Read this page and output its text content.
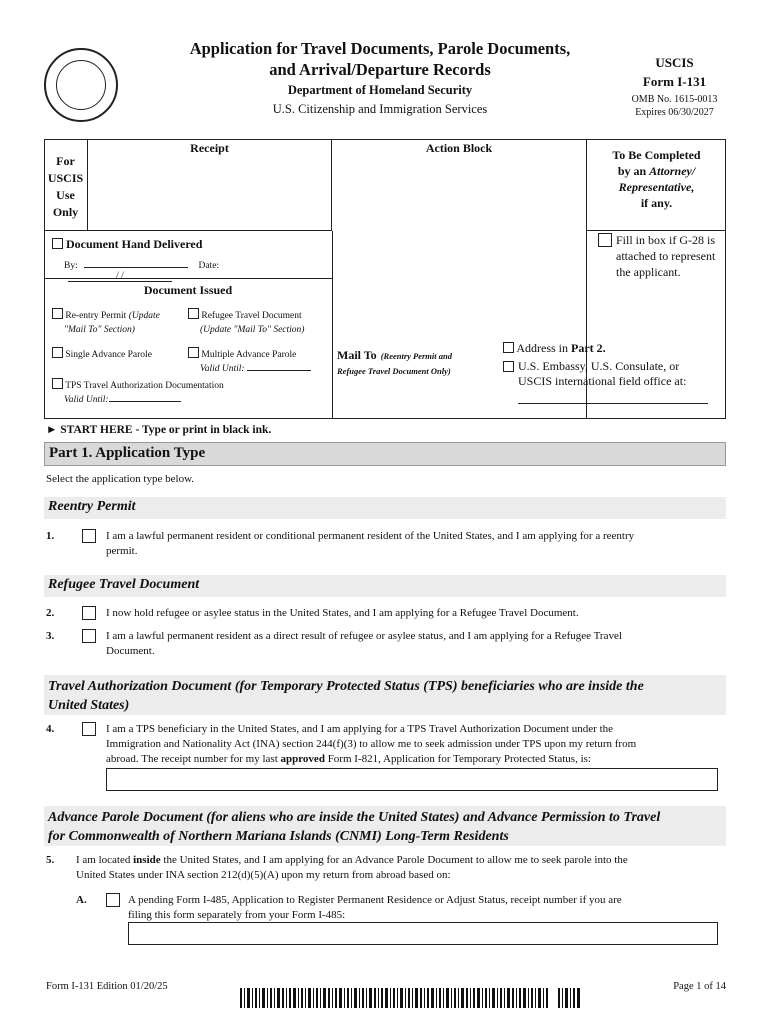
Application for Travel Documents, Parole Documents,
and Arrival/Departure Records
Department of Homeland Security
U.S. Citizenship and Immigration Services
USCIS
Form I-131
OMB No. 1615-0013
Expires 06/30/2027
For
USCIS
Use
Only
Receipt	Action Block	To Be Completed
by an Attorney/
Representative,
if any.
Fill in box if G-28 is
attached to represent
the applicant.
Document Hand Delivered
By:	Date: / /
Document Issued
Re-entry Permit (Update
"Mail To" Section)
Refugee Travel Document
(Update "Mail To" Section)
Single Advance Parole	Multiple Advance Parole
Valid Until:
TPS Travel Authorization Documentation
Valid Until:
Mail To (Reentry Permit and
Refugee Travel Document Only)
Address in Part 2.
U.S. Embassy, U.S. Consulate, or
USCIS international field office at:
► START HERE - Type or print in black ink.
Part 1. Application Type
Select the application type below.
Reentry Permit
1.	I am a lawful permanent resident or conditional permanent resident of the United States, and I am applying for a reentry
permit.
Refugee Travel Document
2.	I now hold refugee or asylee status in the United States, and I am applying for a Refugee Travel Document.
3.	I am a lawful permanent resident as a direct result of refugee or asylee status, and I am applying for a Refugee Travel
Document.
Travel Authorization Document (for Temporary Protected Status (TPS) beneficiaries who are inside the
United States)
4.	I am a TPS beneficiary in the United States, and I am applying for a TPS Travel Authorization Document under the
Immigration and Nationality Act (INA) section 244(f)(3) to allow me to seek admission under TPS upon my return from
abroad. The receipt number for my last approved Form I-821, Application for Temporary Protected Status, is:
Advance Parole Document (for aliens who are inside the United States) and Advance Permission to Travel
for Commonwealth of Northern Mariana Islands (CNMI) Long-Term Residents
5. I am located inside the United States, and I am applying for an Advance Parole Document to allow me to seek parole into the
United States under INA section 212(d)(5)(A) upon my return from abroad based on:
A.	A pending Form I-485, Application to Register Permanent Residence or Adjust Status, receipt number if you are
filing this form separately from your Form I-485:
Form I-131 Edition 01/20/25	Page 1 of 14
